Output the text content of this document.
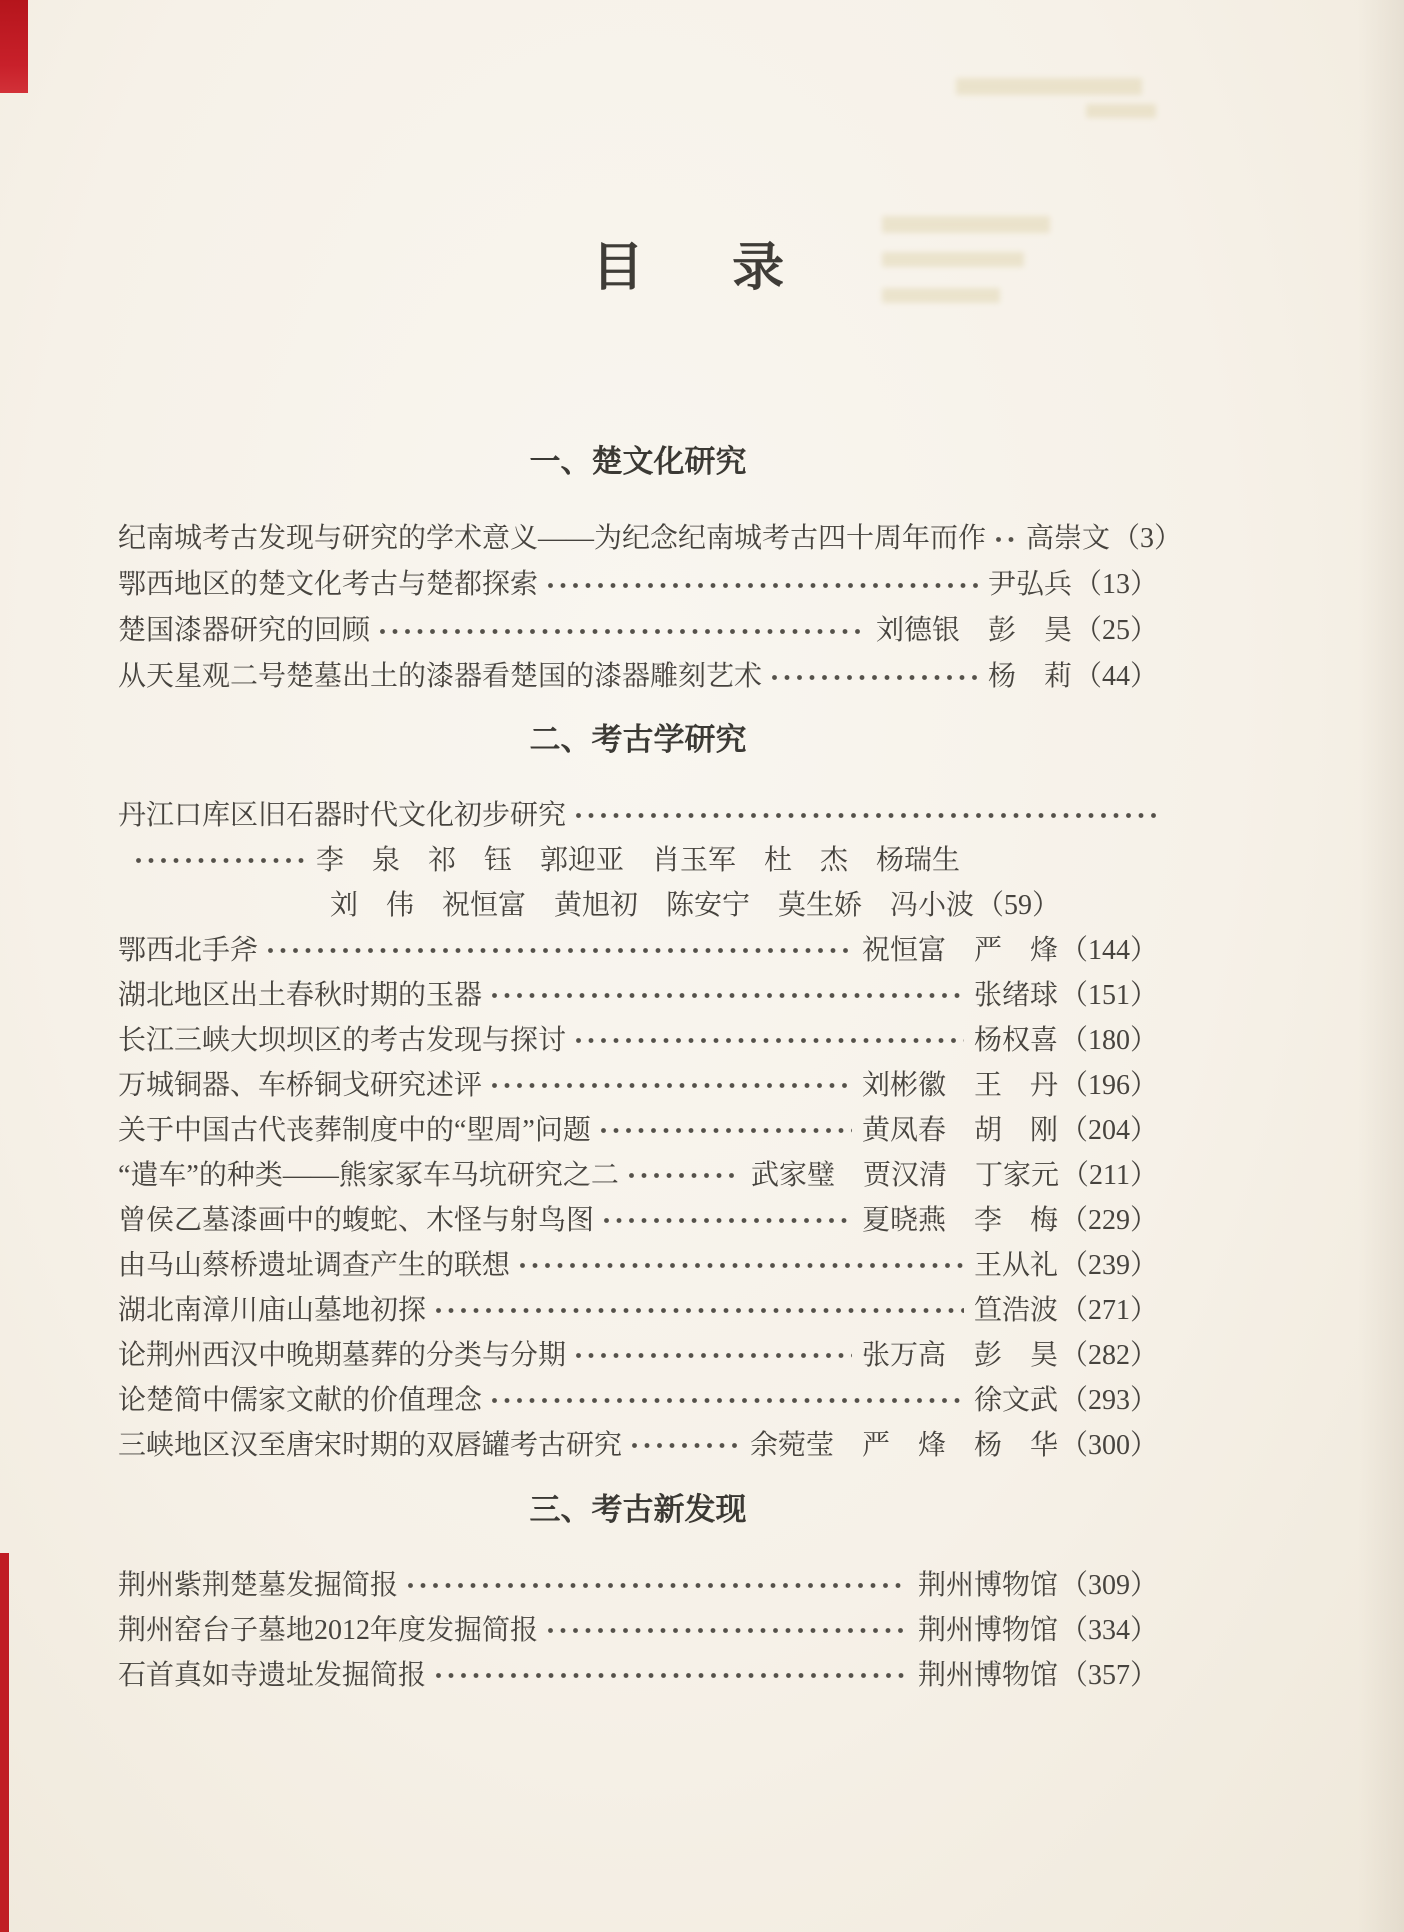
目录
一、楚文化研究
纪南城考古发现与研究的学术意义——为纪念纪南城考古四十周年而作 高崇文 （3）
鄂西地区的楚文化考古与楚都探索	尹弘兵 （13）
楚国漆器研究的回顾	刘德银　彭　昊 （25）
从天星观二号楚墓出土的漆器看楚国的漆器雕刻艺术	杨　莉 （44）
二、考古学研究
丹江口库区旧石器时代文化初步研究
李　泉　祁　钰　郭迎亚　肖玉军　杜　杰　杨瑞生
刘　伟　祝恒富　黄旭初　陈安宁　莫生娇　冯小波 （59）
鄂西北手斧	祝恒富　严　烽 （144）
湖北地区出土春秋时期的玉器	张绪球 （151）
长江三峡大坝坝区的考古发现与探讨	杨权喜 （180）
万城铜器、车桥铜戈研究述评	刘彬徽　王　丹 （196）
关于中国古代丧葬制度中的“堲周”问题	黄凤春　胡　刚 （204）
“遣车”的种类——熊家冢车马坑研究之二	武家璧　贾汉清　丁家元 （211）
曾侯乙墓漆画中的蝮蛇、木怪与射鸟图	夏晓燕　李　梅 （229）
由马山蔡桥遗址调查产生的联想	王从礼 （239）
湖北南漳川庙山墓地初探	笪浩波 （271）
论荆州西汉中晚期墓葬的分类与分期	张万高　彭　昊 （282）
论楚简中儒家文献的价值理念	徐文武 （293）
三峡地区汉至唐宋时期的双唇罐考古研究	余菀莹　严　烽　杨　华 （300）
三、考古新发现
荆州紫荆楚墓发掘简报	荆州博物馆 （309）
荆州窑台子墓地2012年度发掘简报	荆州博物馆 （334）
石首真如寺遗址发掘简报	荆州博物馆 （357）
